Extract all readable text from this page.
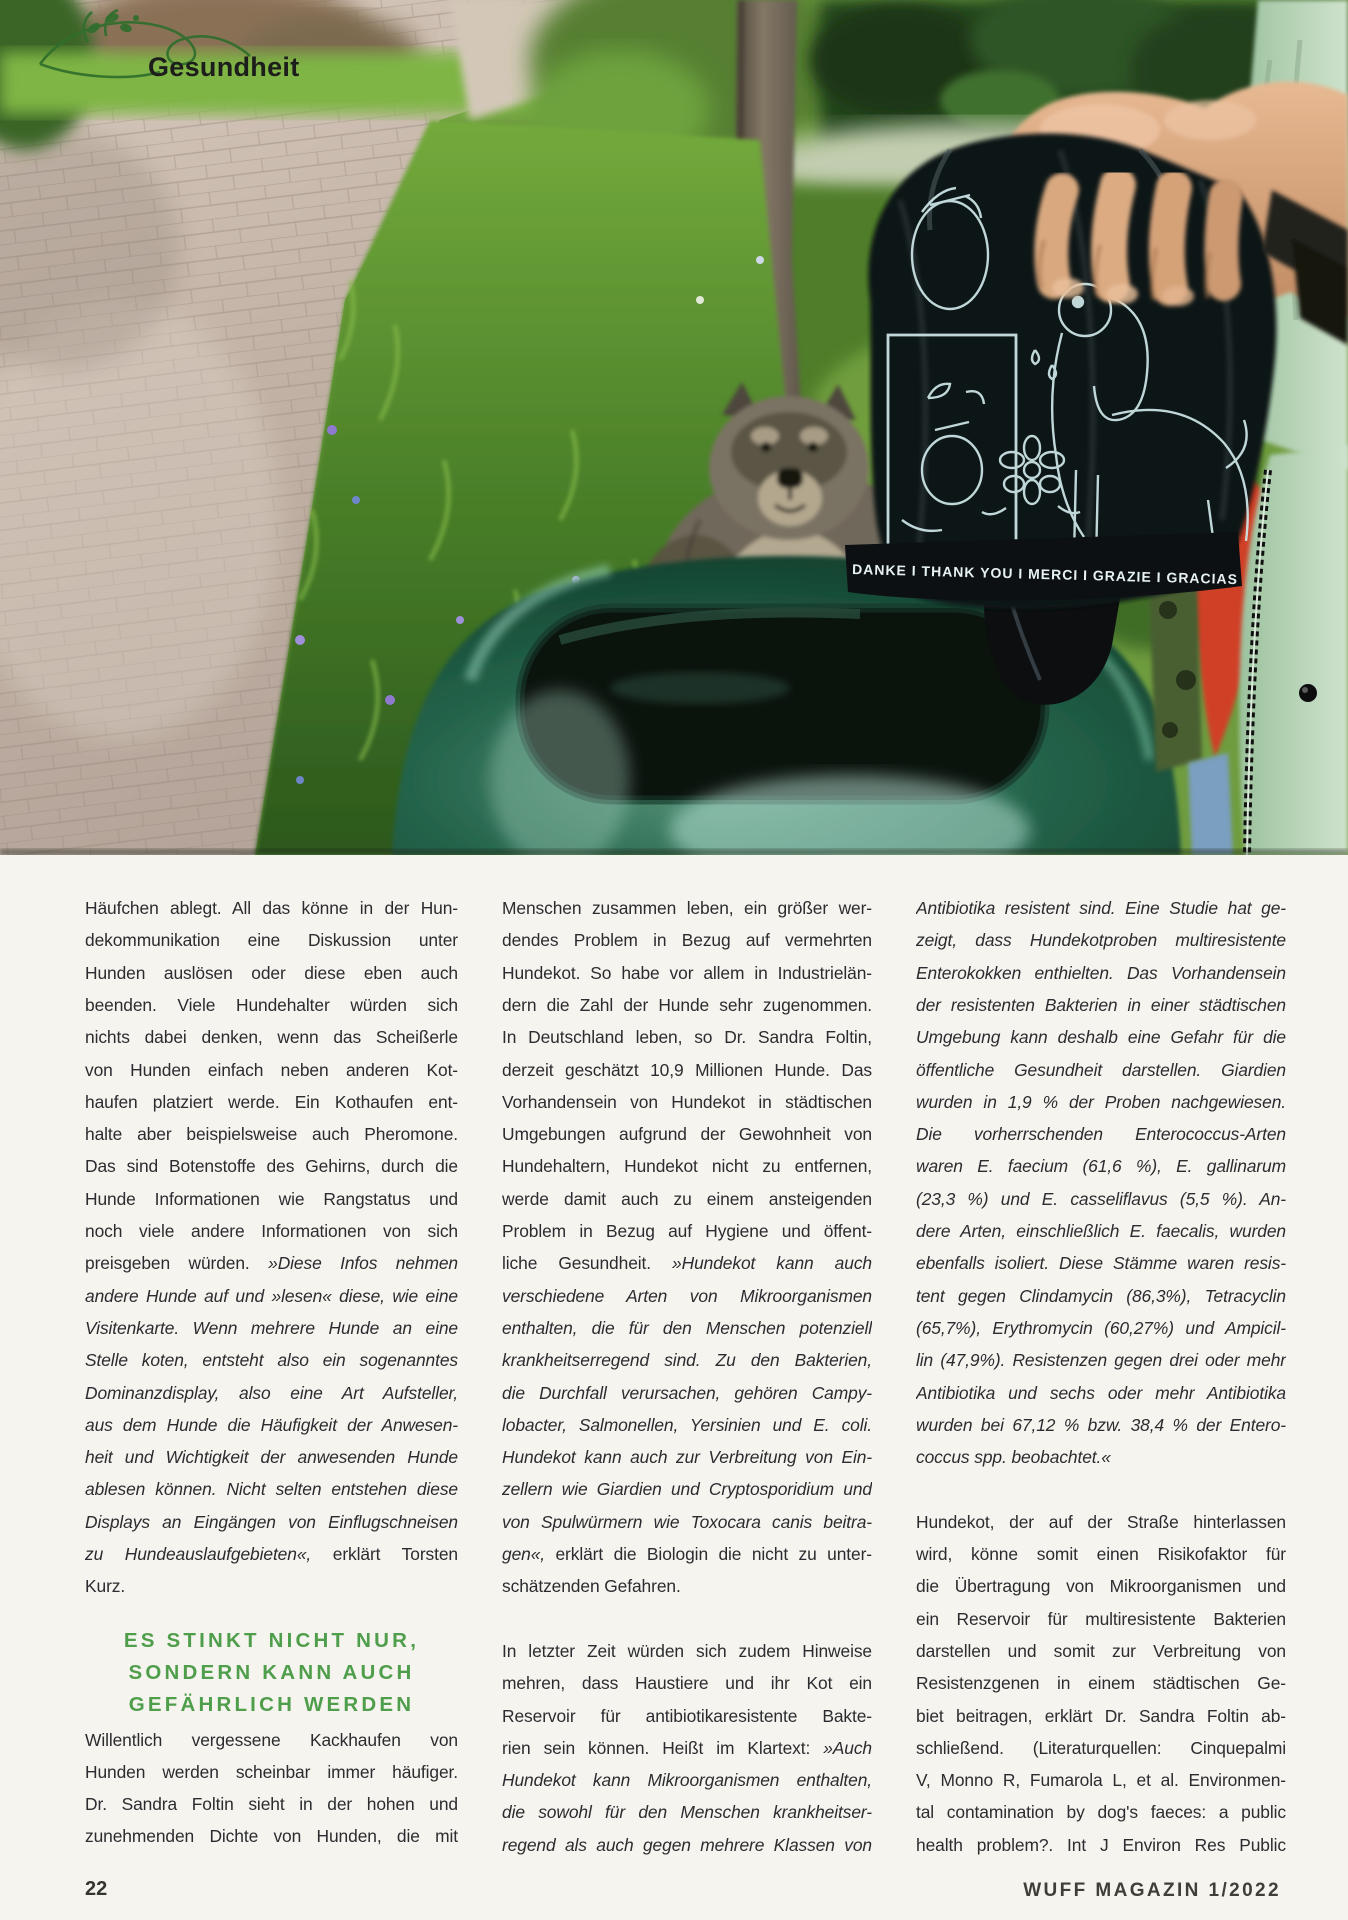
DANKE I THANK YOU I MERCI I GRAZIE I GRACIAS
Gesundheit
Häufchen ablegt. All das könne in der Hun-
dekommunikation eine Diskussion unter
Hunden auslösen oder diese eben auch
beenden. Viele Hundehalter würden sich
nichts dabei denken, wenn das Scheißerle
von Hunden einfach neben anderen Kot-
haufen platziert werde. Ein Kothaufen ent-
halte aber beispielsweise auch Pheromone.
Das sind Botenstoffe des Gehirns, durch die
Hunde Informationen wie Rangstatus und
noch viele andere Informationen von sich
preisgeben würden. »Diese Infos nehmen
andere Hunde auf und »lesen« diese, wie eine
Visitenkarte. Wenn mehrere Hunde an eine
Stelle koten, entsteht also ein sogenanntes
Dominanzdisplay, also eine Art Aufsteller,
aus dem Hunde die Häufigkeit der Anwesen-
heit und Wichtigkeit der anwesenden Hunde
ablesen können. Nicht selten entstehen diese
Displays an Eingängen von Einflugschneisen
zu Hundeauslaufgebieten«, erklärt Torsten
Kurz.
ES STINKT NICHT NUR,
SONDERN KANN AUCH
GEFÄHRLICH WERDEN
Willentlich vergessene Kackhaufen von
Hunden werden scheinbar immer häufiger.
Dr. Sandra Foltin sieht in der hohen und
zunehmenden Dichte von Hunden, die mit
Menschen zusammen leben, ein größer wer-
dendes Problem in Bezug auf vermehrten
Hundekot. So habe vor allem in Industrielän-
dern die Zahl der Hunde sehr zugenommen.
In Deutschland leben, so Dr. Sandra Foltin,
derzeit geschätzt 10,9 Millionen Hunde. Das
Vorhandensein von Hundekot in städtischen
Umgebungen aufgrund der Gewohnheit von
Hundehaltern, Hundekot nicht zu entfernen,
werde damit auch zu einem ansteigenden
Problem in Bezug auf Hygiene und öffent-
liche Gesundheit. »Hundekot kann auch
verschiedene Arten von Mikroorganismen
enthalten, die für den Menschen potenziell
krankheitserregend sind. Zu den Bakterien,
die Durchfall verursachen, gehören Campy-
lobacter, Salmonellen, Yersinien und E. coli.
Hundekot kann auch zur Verbreitung von Ein-
zellern wie Giardien und Cryptosporidium und
von Spulwürmern wie Toxocara canis beitra-
gen«, erklärt die Biologin die nicht zu unter-
schätzenden Gefahren.
In letzter Zeit würden sich zudem Hinweise
mehren, dass Haustiere und ihr Kot ein
Reservoir für antibiotikaresistente Bakte-
rien sein können. Heißt im Klartext: »Auch
Hundekot kann Mikroorganismen enthalten,
die sowohl für den Menschen krankheitser-
regend als auch gegen mehrere Klassen von
Antibiotika resistent sind. Eine Studie hat ge-
zeigt, dass Hundekotproben multiresistente
Enterokokken enthielten. Das Vorhandensein
der resistenten Bakterien in einer städtischen
Umgebung kann deshalb eine Gefahr für die
öffentliche Gesundheit darstellen. Giardien
wurden in 1,9 % der Proben nachgewiesen.
Die vorherrschenden Enterococcus-Arten
waren E. faecium (61,6 %), E. gallinarum
(23,3 %) und E. casseliflavus (5,5 %). An-
dere Arten, einschließlich E. faecalis, wurden
ebenfalls isoliert. Diese Stämme waren resis-
tent gegen Clindamycin (86,3%), Tetracyclin
(65,7%), Erythromycin (60,27%) und Ampicil-
lin (47,9%). Resistenzen gegen drei oder mehr
Antibiotika und sechs oder mehr Antibiotika
wurden bei 67,12 % bzw. 38,4 % der Entero-
coccus spp. beobachtet.«
Hundekot, der auf der Straße hinterlassen
wird, könne somit einen Risikofaktor für
die Übertragung von Mikroorganismen und
ein Reservoir für multiresistente Bakterien
darstellen und somit zur Verbreitung von
Resistenzgenen in einem städtischen Ge-
biet beitragen, erklärt Dr. Sandra Foltin ab-
schließend. (Literaturquellen: Cinquepalmi
V, Monno R, Fumarola L, et al. Environmen-
tal contamination by dog's faeces: a public
health problem?. Int J Environ Res Public
22	WUFF MAGAZIN 1/2022
